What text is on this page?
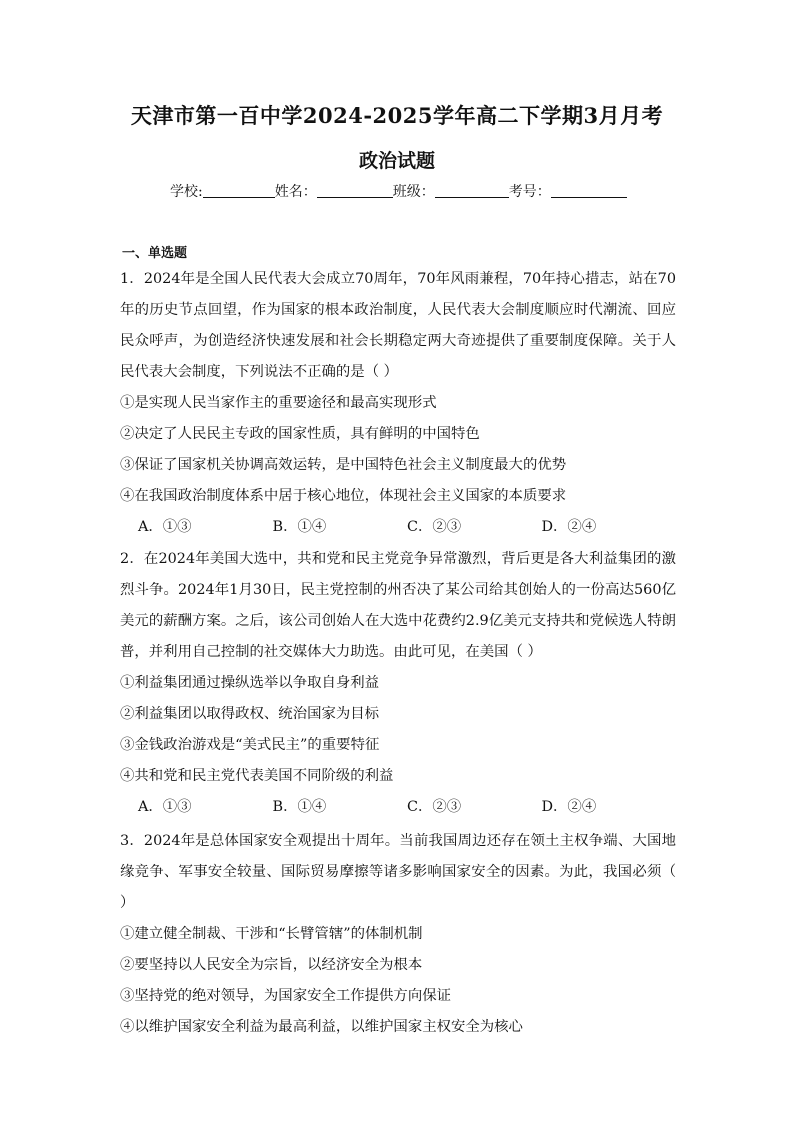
天津市第一百中学2024-2025学年高二下学期3月月考
政治试题
学校:	姓名：	班级：	考号：
一、单选题

1．2024年是全国人民代表大会成立70周年，70年风雨兼程，70年持心措志，站在70年的历史节点回望，作为国家的根本政治制度，人民代表大会制度顺应时代潮流、回应民众呼声，为创造经济快速发展和社会长期稳定两大奇迹提供了重要制度保障。关于人民代表大会制度，下列说法不正确的是（ ）

①是实现人民当家作主的重要途径和最高实现形式

②决定了人民民主专政的国家性质，具有鲜明的中国特色

③保证了国家机关协调高效运转，是中国特色社会主义制度最大的优势

④在我国政治制度体系中居于核心地位，体现社会主义国家的本质要求

A．①③	B．①④	C．②③	D．②④

2．在2024年美国大选中，共和党和民主党竞争异常激烈，背后更是各大利益集团的激烈斗争。2024年1月30日，民主党控制的州否决了某公司给其创始人的一份高达560亿美元的薪酬方案。之后，该公司创始人在大选中花费约2.9亿美元支持共和党候选人特朗普，并利用自己控制的社交媒体大力助选。由此可见，在美国（ ）

①利益集团通过操纵选举以争取自身利益

②利益集团以取得政权、统治国家为目标

③金钱政治游戏是“美式民主”的重要特征

④共和党和民主党代表美国不同阶级的利益

A．①③	B．①④	C．②③	D．②④

3．2024年是总体国家安全观提出十周年。当前我国周边还存在领土主权争端、大国地缘竞争、军事安全较量、国际贸易摩擦等诸多影响国家安全的因素。为此，我国必须（ ）

①建立健全制裁、干涉和“长臂管辖”的体制机制

②要坚持以人民安全为宗旨，以经济安全为根本

③坚持党的绝对领导，为国家安全工作提供方向保证

④以维护国家安全利益为最高利益，以维护国家主权安全为核心
